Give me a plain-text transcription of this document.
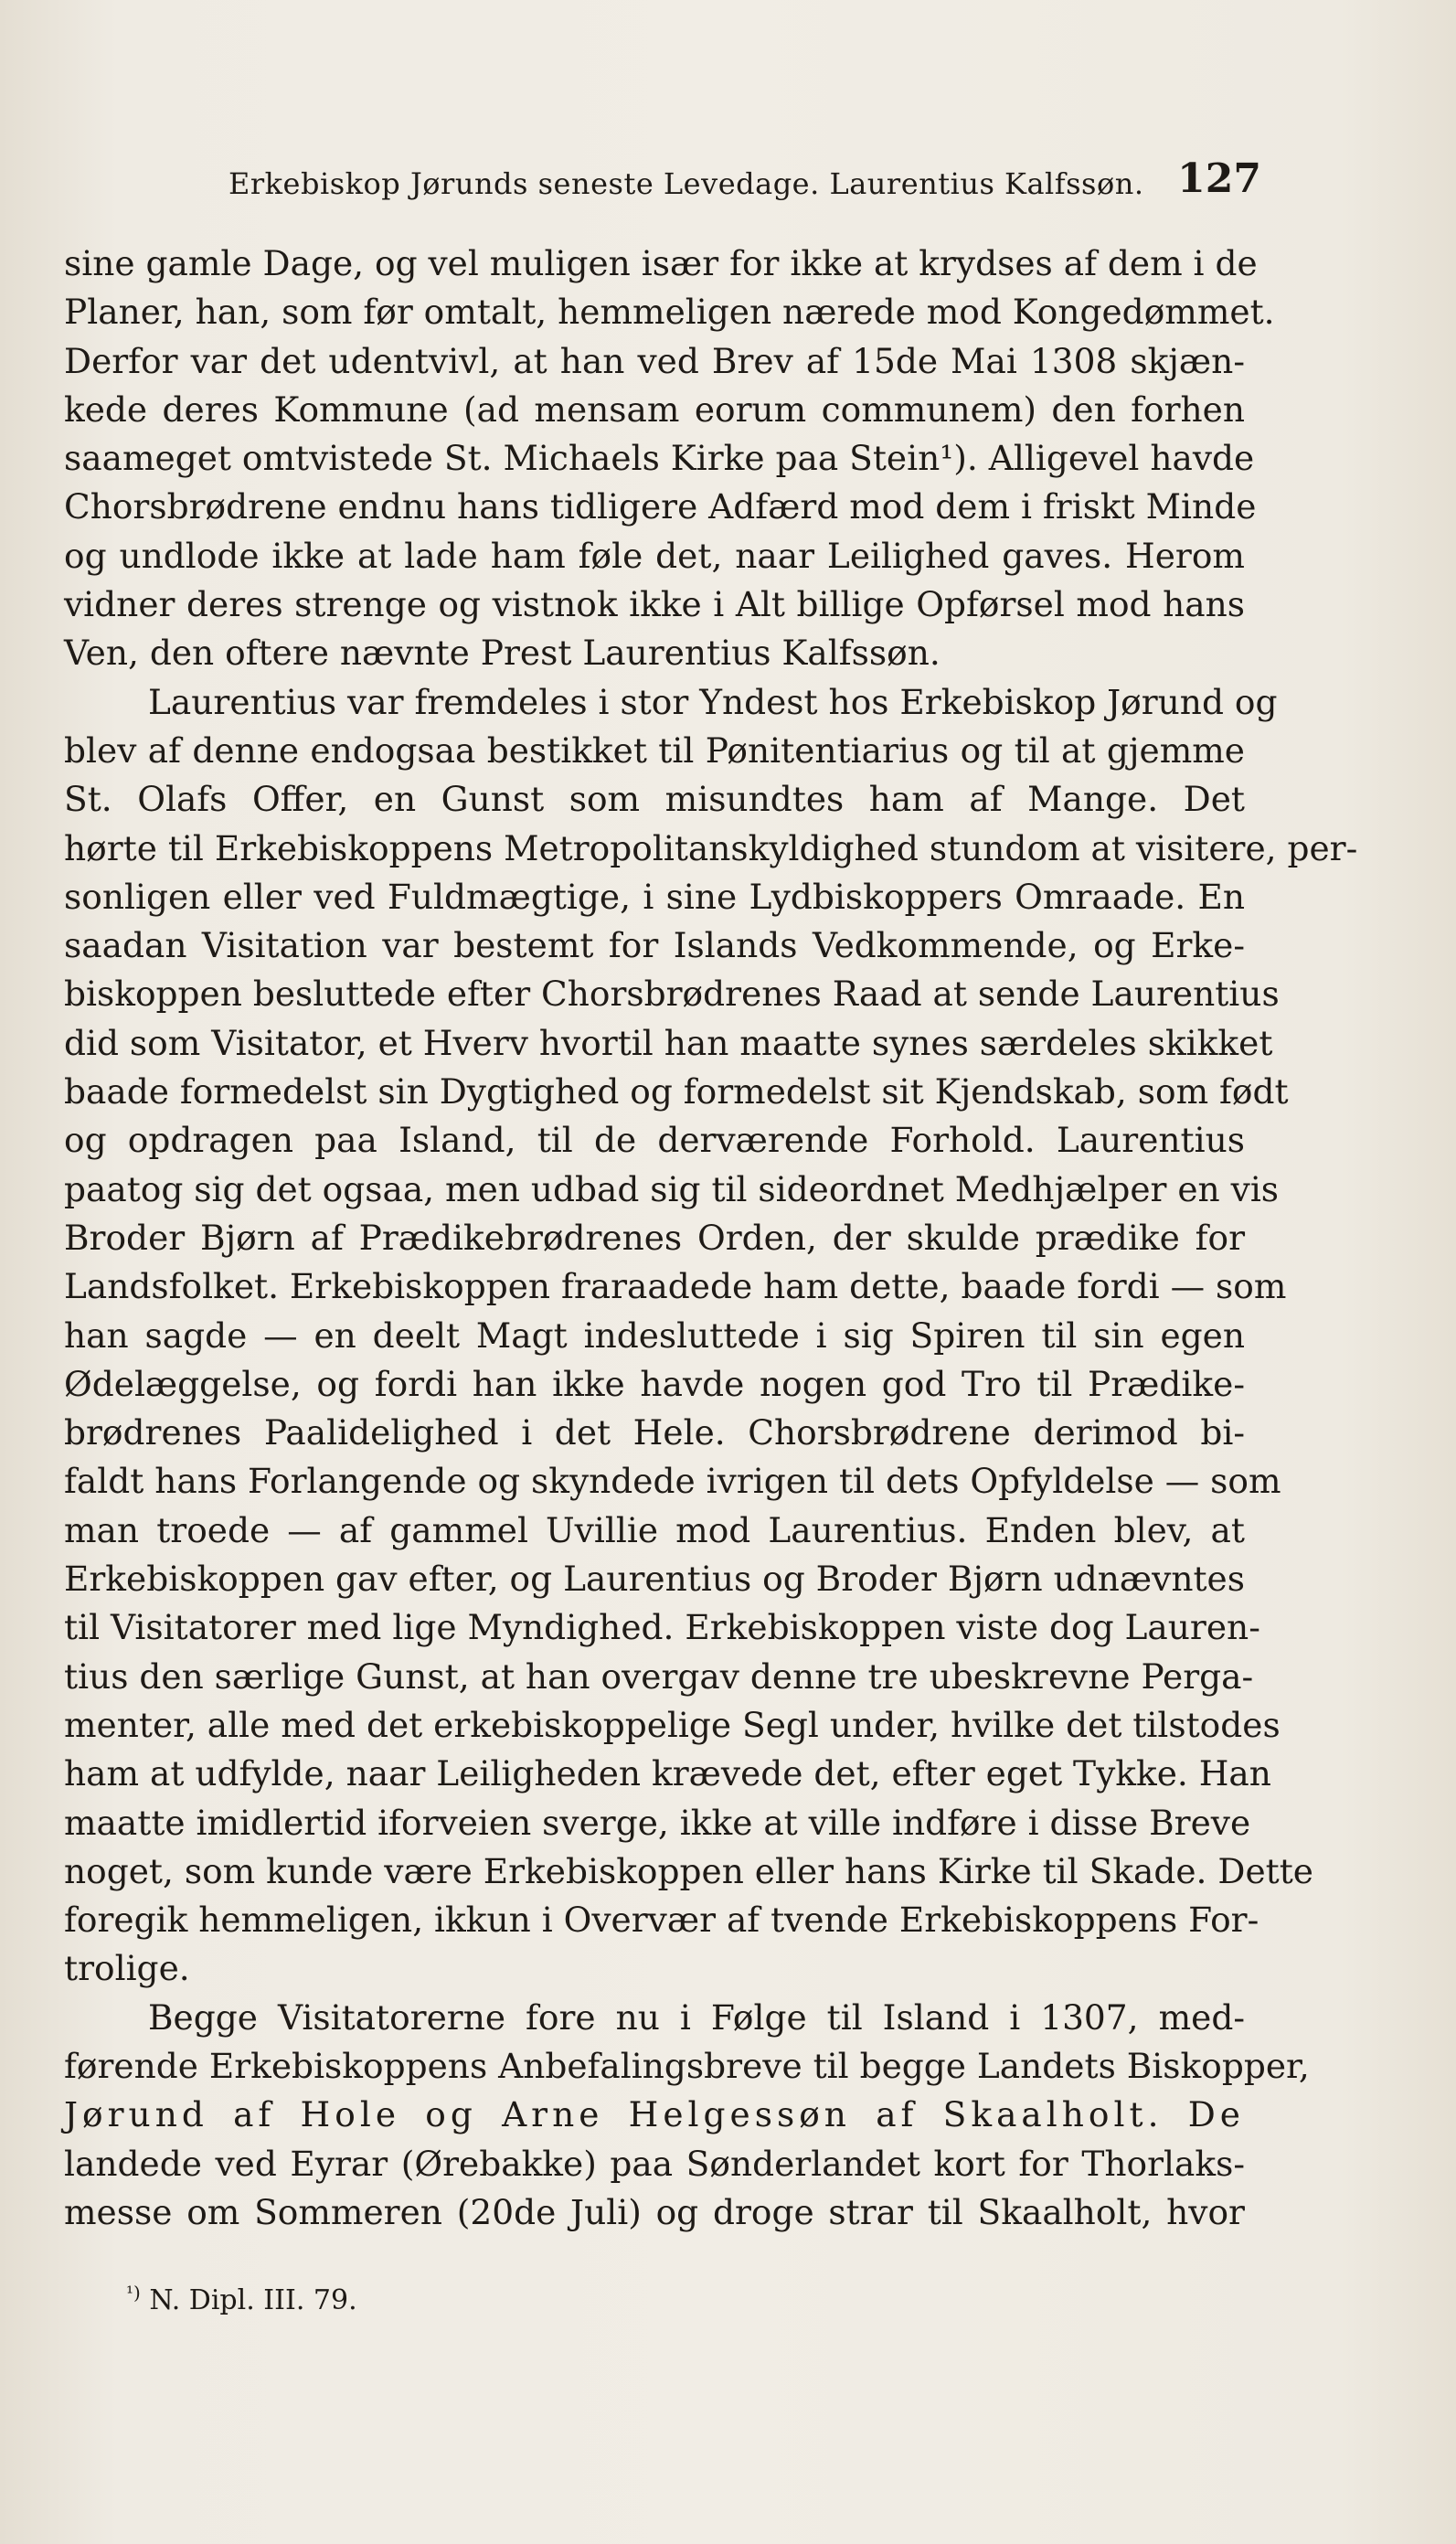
Erkebiskop Jørunds seneste Levedage. Laurentius Kalfssøn. 127
sine gamle Dage, og vel muligen især for ikke at krydses af dem i de
Planer, han, som før omtalt, hemmeligen nærede mod Kongedømmet.
Derfor var det udentvivl, at han ved Brev af 15de Mai 1308 skjæn-
kede deres Kommune (ad mensam eorum communem) den forhen
saameget omtvistede St. Michaels Kirke paa Stein¹). Alligevel havde
Chorsbrødrene endnu hans tidligere Adfærd mod dem i friskt Minde
og undlode ikke at lade ham føle det, naar Leilighed gaves. Herom
vidner deres strenge og vistnok ikke i Alt billige Opførsel mod hans
Ven, den oftere nævnte Prest Laurentius Kalfssøn.
Laurentius var fremdeles i stor Yndest hos Erkebiskop Jørund og
blev af denne endogsaa bestikket til Pønitentiarius og til at gjemme
St. Olafs Offer, en Gunst som misundtes ham af Mange. Det
hørte til Erkebiskoppens Metropolitanskyldighed stundom at visitere, per-
sonligen eller ved Fuldmægtige, i sine Lydbiskoppers Omraade. En
saadan Visitation var bestemt for Islands Vedkommende, og Erke-
biskoppen besluttede efter Chorsbrødrenes Raad at sende Laurentius
did som Visitator, et Hverv hvortil han maatte synes særdeles skikket
baade formedelst sin Dygtighed og formedelst sit Kjendskab, som født
og opdragen paa Island, til de derværende Forhold. Laurentius
paatog sig det ogsaa, men udbad sig til sideordnet Medhjælper en vis
Broder Bjørn af Prædikebrødrenes Orden, der skulde prædike for
Landsfolket. Erkebiskoppen fraraadede ham dette, baade fordi — som
han sagde — en deelt Magt indesluttede i sig Spiren til sin egen
Ødelæggelse, og fordi han ikke havde nogen god Tro til Prædike-
brødrenes Paalidelighed i det Hele. Chorsbrødrene derimod bi-
faldt hans Forlangende og skyndede ivrigen til dets Opfyldelse — som
man troede — af gammel Uvillie mod Laurentius. Enden blev, at
Erkebiskoppen gav efter, og Laurentius og Broder Bjørn udnævntes
til Visitatorer med lige Myndighed. Erkebiskoppen viste dog Lauren-
tius den særlige Gunst, at han overgav denne tre ubeskrevne Perga-
menter, alle med det erkebiskoppelige Segl under, hvilke det tilstodes
ham at udfylde, naar Leiligheden krævede det, efter eget Tykke. Han
maatte imidlertid iforveien sverge, ikke at ville indføre i disse Breve
noget, som kunde være Erkebiskoppen eller hans Kirke til Skade. Dette
foregik hemmeligen, ikkun i Overvær af tvende Erkebiskoppens For-
trolige.
Begge Visitatorerne fore nu i Følge til Island i 1307, med-
førende Erkebiskoppens Anbefalingsbreve til begge Landets Biskopper,
Jørund af Hole og Arne Helgessøn af Skaalholt. De
landede ved Eyrar (Ørebakke) paa Sønderlandet kort for Thorlaks-
messe om Sommeren (20de Juli) og droge strar til Skaalholt, hvor
$^{^1)}$ N. Dipl. III. 79.
